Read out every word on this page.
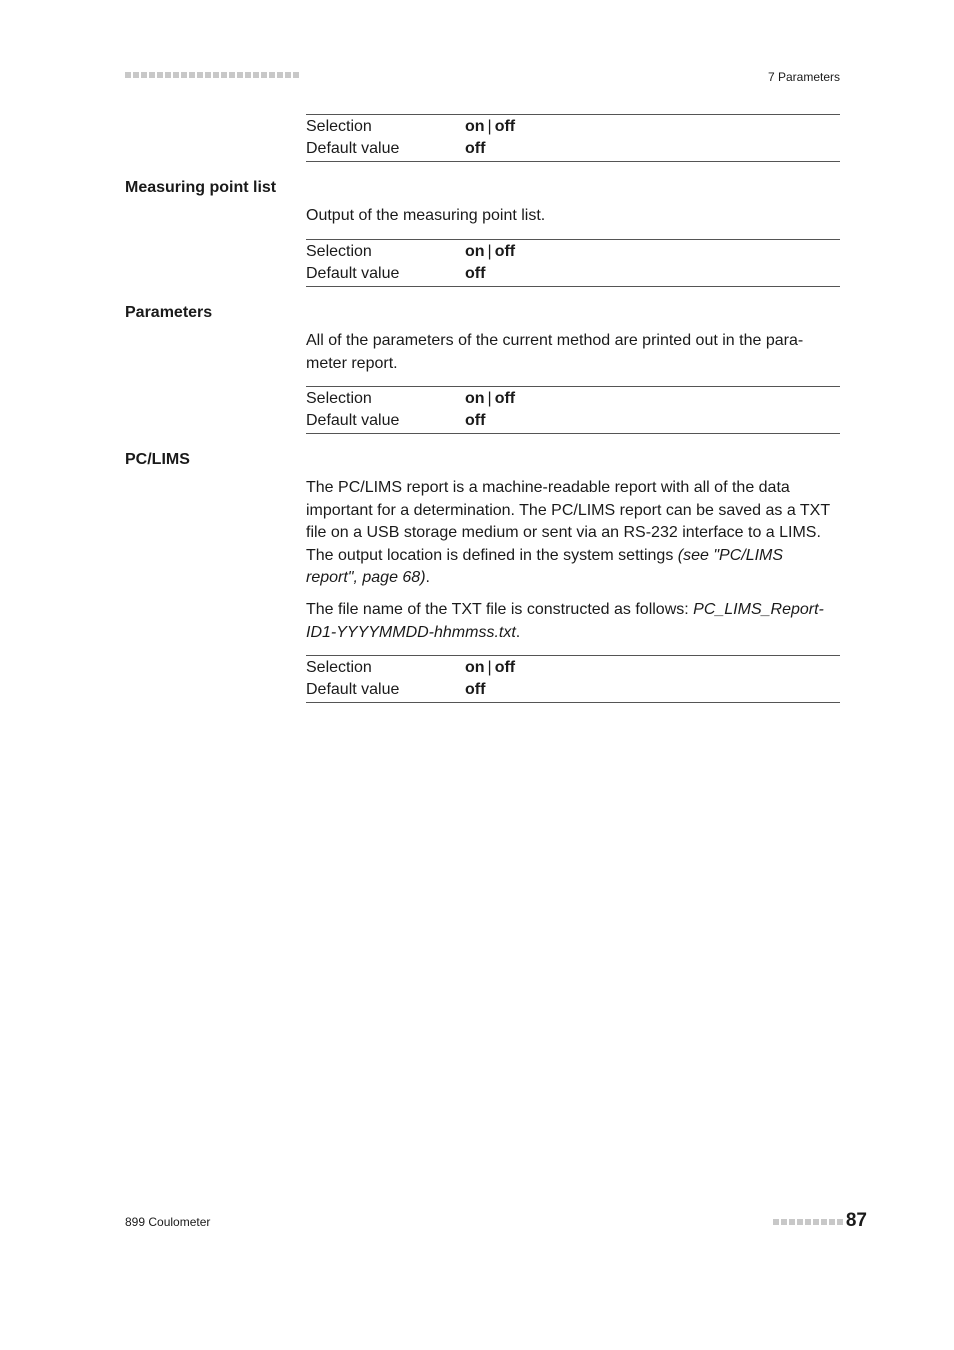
7 Parameters
Selection	on | off
Default value	off
Measuring point list
Output of the measuring point list.
Selection	on | off
Default value	off
Parameters
All of the parameters of the current method are printed out in the para-
meter report.
Selection	on | off
Default value	off
PC/LIMS
The PC/LIMS report is a machine-readable report with all of the data
important for a determination. The PC/LIMS report can be saved as a TXT
file on a USB storage medium or sent via an RS-232 interface to a LIMS.
The output location is defined in the system settings (see "PC/LIMS
report", page 68).
The file name of the TXT file is constructed as follows: PC_LIMS_Report-
ID1-YYYYMMDD-hhmmss.txt.
Selection	on | off
Default value	off
899 Coulometer	87
